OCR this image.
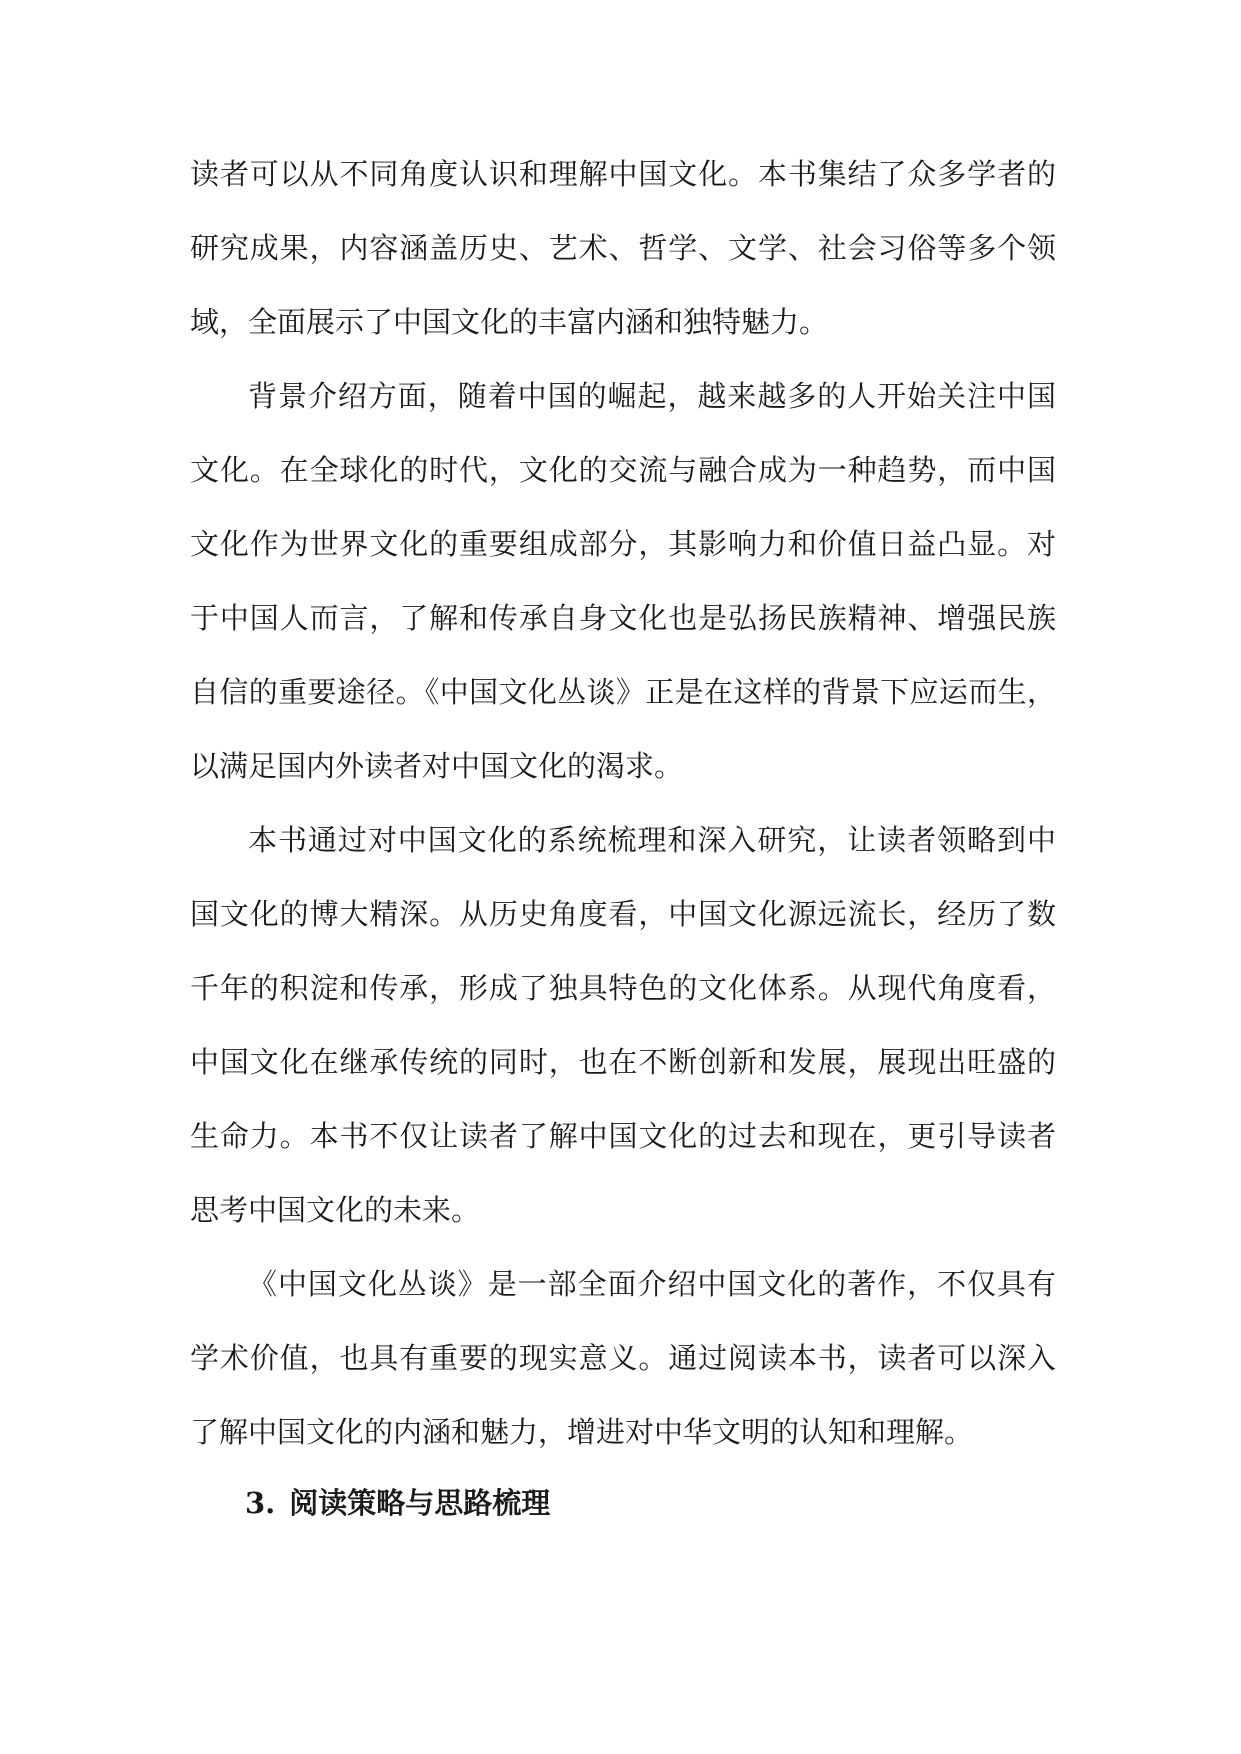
读者可以从不同角度认识和理解中国文化。本书集结了众多学者的研究成果，内容涵盖历史、艺术、哲学、文学、社会习俗等多个领域，全面展示了中国文化的丰富内涵和独特魅力。

背景介绍方面，随着中国的崛起，越来越多的人开始关注中国文化。在全球化的时代，文化的交流与融合成为一种趋势，而中国文化作为世界文化的重要组成部分，其影响力和价值日益凸显。对于中国人而言，了解和传承自身文化也是弘扬民族精神、增强民族自信的重要途径。《中国文化丛谈》正是在这样的背景下应运而生，以满足国内外读者对中国文化的渴求。

本书通过对中国文化的系统梳理和深入研究，让读者领略到中国文化的博大精深。从历史角度看，中国文化源远流长，经历了数千年的积淀和传承，形成了独具特色的文化体系。从现代角度看，中国文化在继承传统的同时，也在不断创新和发展，展现出旺盛的生命力。本书不仅让读者了解中国文化的过去和现在，更引导读者思考中国文化的未来。

《中国文化丛谈》是一部全面介绍中国文化的著作，不仅具有学术价值，也具有重要的现实意义。通过阅读本书，读者可以深入了解中国文化的内涵和魅力，增进对中华文明的认知和理解。

3. 阅读策略与思路梳理
